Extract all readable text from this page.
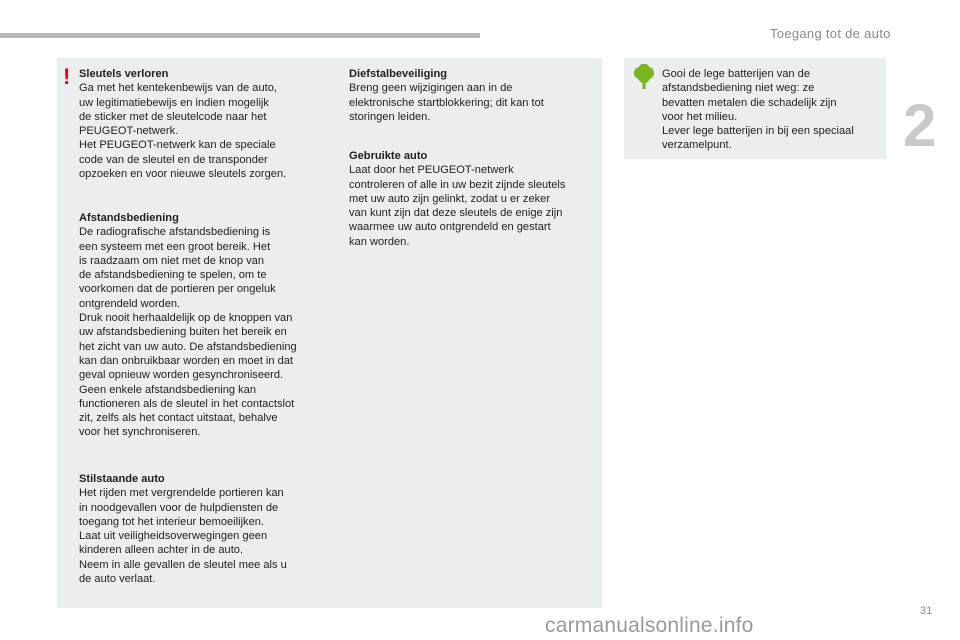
Toegang tot de auto
2
! Sleutels verloren
Ga met het kentekenbewijs van de auto,
uw legitimatiebewijs en indien mogelijk
de sticker met de sleutelcode naar het
PEUGEOT-netwerk.
Het PEUGEOT-netwerk kan de speciale
code van de sleutel en de transponder
opzoeken en voor nieuwe sleutels zorgen.
Afstandsbediening
De radiografische afstandsbediening is
een systeem met een groot bereik. Het
is raadzaam om niet met de knop van
de afstandsbediening te spelen, om te
voorkomen dat de portieren per ongeluk
ontgrendeld worden.
Druk nooit herhaaldelijk op de knoppen van
uw afstandsbediening buiten het bereik en
het zicht van uw auto. De afstandsbediening
kan dan onbruikbaar worden en moet in dat
geval opnieuw worden gesynchroniseerd.
Geen enkele afstandsbediening kan
functioneren als de sleutel in het contactslot
zit, zelfs als het contact uitstaat, behalve
voor het synchroniseren.
Stilstaande auto
Het rijden met vergrendelde portieren kan
in noodgevallen voor de hulpdiensten de
toegang tot het interieur bemoeilijken.
Laat uit veiligheidsoverwegingen geen
kinderen alleen achter in de auto.
Neem in alle gevallen de sleutel mee als u
de auto verlaat.
Diefstalbeveiliging
Breng geen wijzigingen aan in de
elektronische startblokkering; dit kan tot
storingen leiden.
Gebruikte auto
Laat door het PEUGEOT-netwerk
controleren of alle in uw bezit zijnde sleutels
met uw auto zijn gelinkt, zodat u er zeker
van kunt zijn dat deze sleutels de enige zijn
waarmee uw auto ontgrendeld en gestart
kan worden.
Gooi de lege batterijen van de
afstandsbediening niet weg: ze
bevatten metalen die schadelijk zijn
voor het milieu.
Lever lege batterijen in bij een speciaal
verzamelpunt.
31
carmanualsonline.info
